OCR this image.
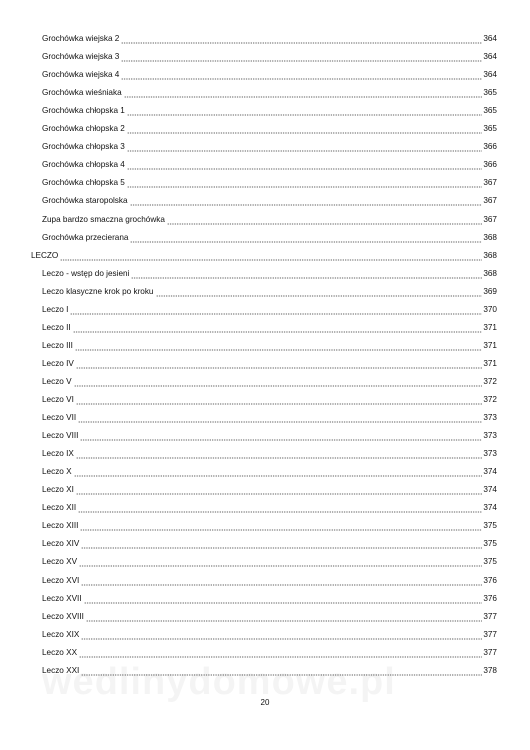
Grochówka wiejska 2	364
Grochówka wiejska 3	364
Grochówka wiejska 4	364
Grochówka wieśniaka	365
Grochówka chłopska 1	365
Grochówka chłopska 2	365
Grochówka chłopska 3	366
Grochówka chłopska 4	366
Grochówka chłopska 5	367
Grochówka staropolska	367
Zupa bardzo smaczna grochówka	367
Grochówka przecierana	368
LECZO	368
Leczo - wstęp do jesieni	368
Leczo klasyczne krok po kroku	369
Leczo I	370
Leczo II	371
Leczo III	371
Leczo IV	371
Leczo V	372
Leczo VI	372
Leczo VII	373
Leczo VIII	373
Leczo IX	373
Leczo X	374
Leczo XI	374
Leczo XII	374
Leczo XIII	375
Leczo XIV	375
Leczo XV	375
Leczo XVI	376
Leczo XVII	376
Leczo XVIII	377
Leczo XIX	377
Leczo XX	377
Leczo XXI	378
20
